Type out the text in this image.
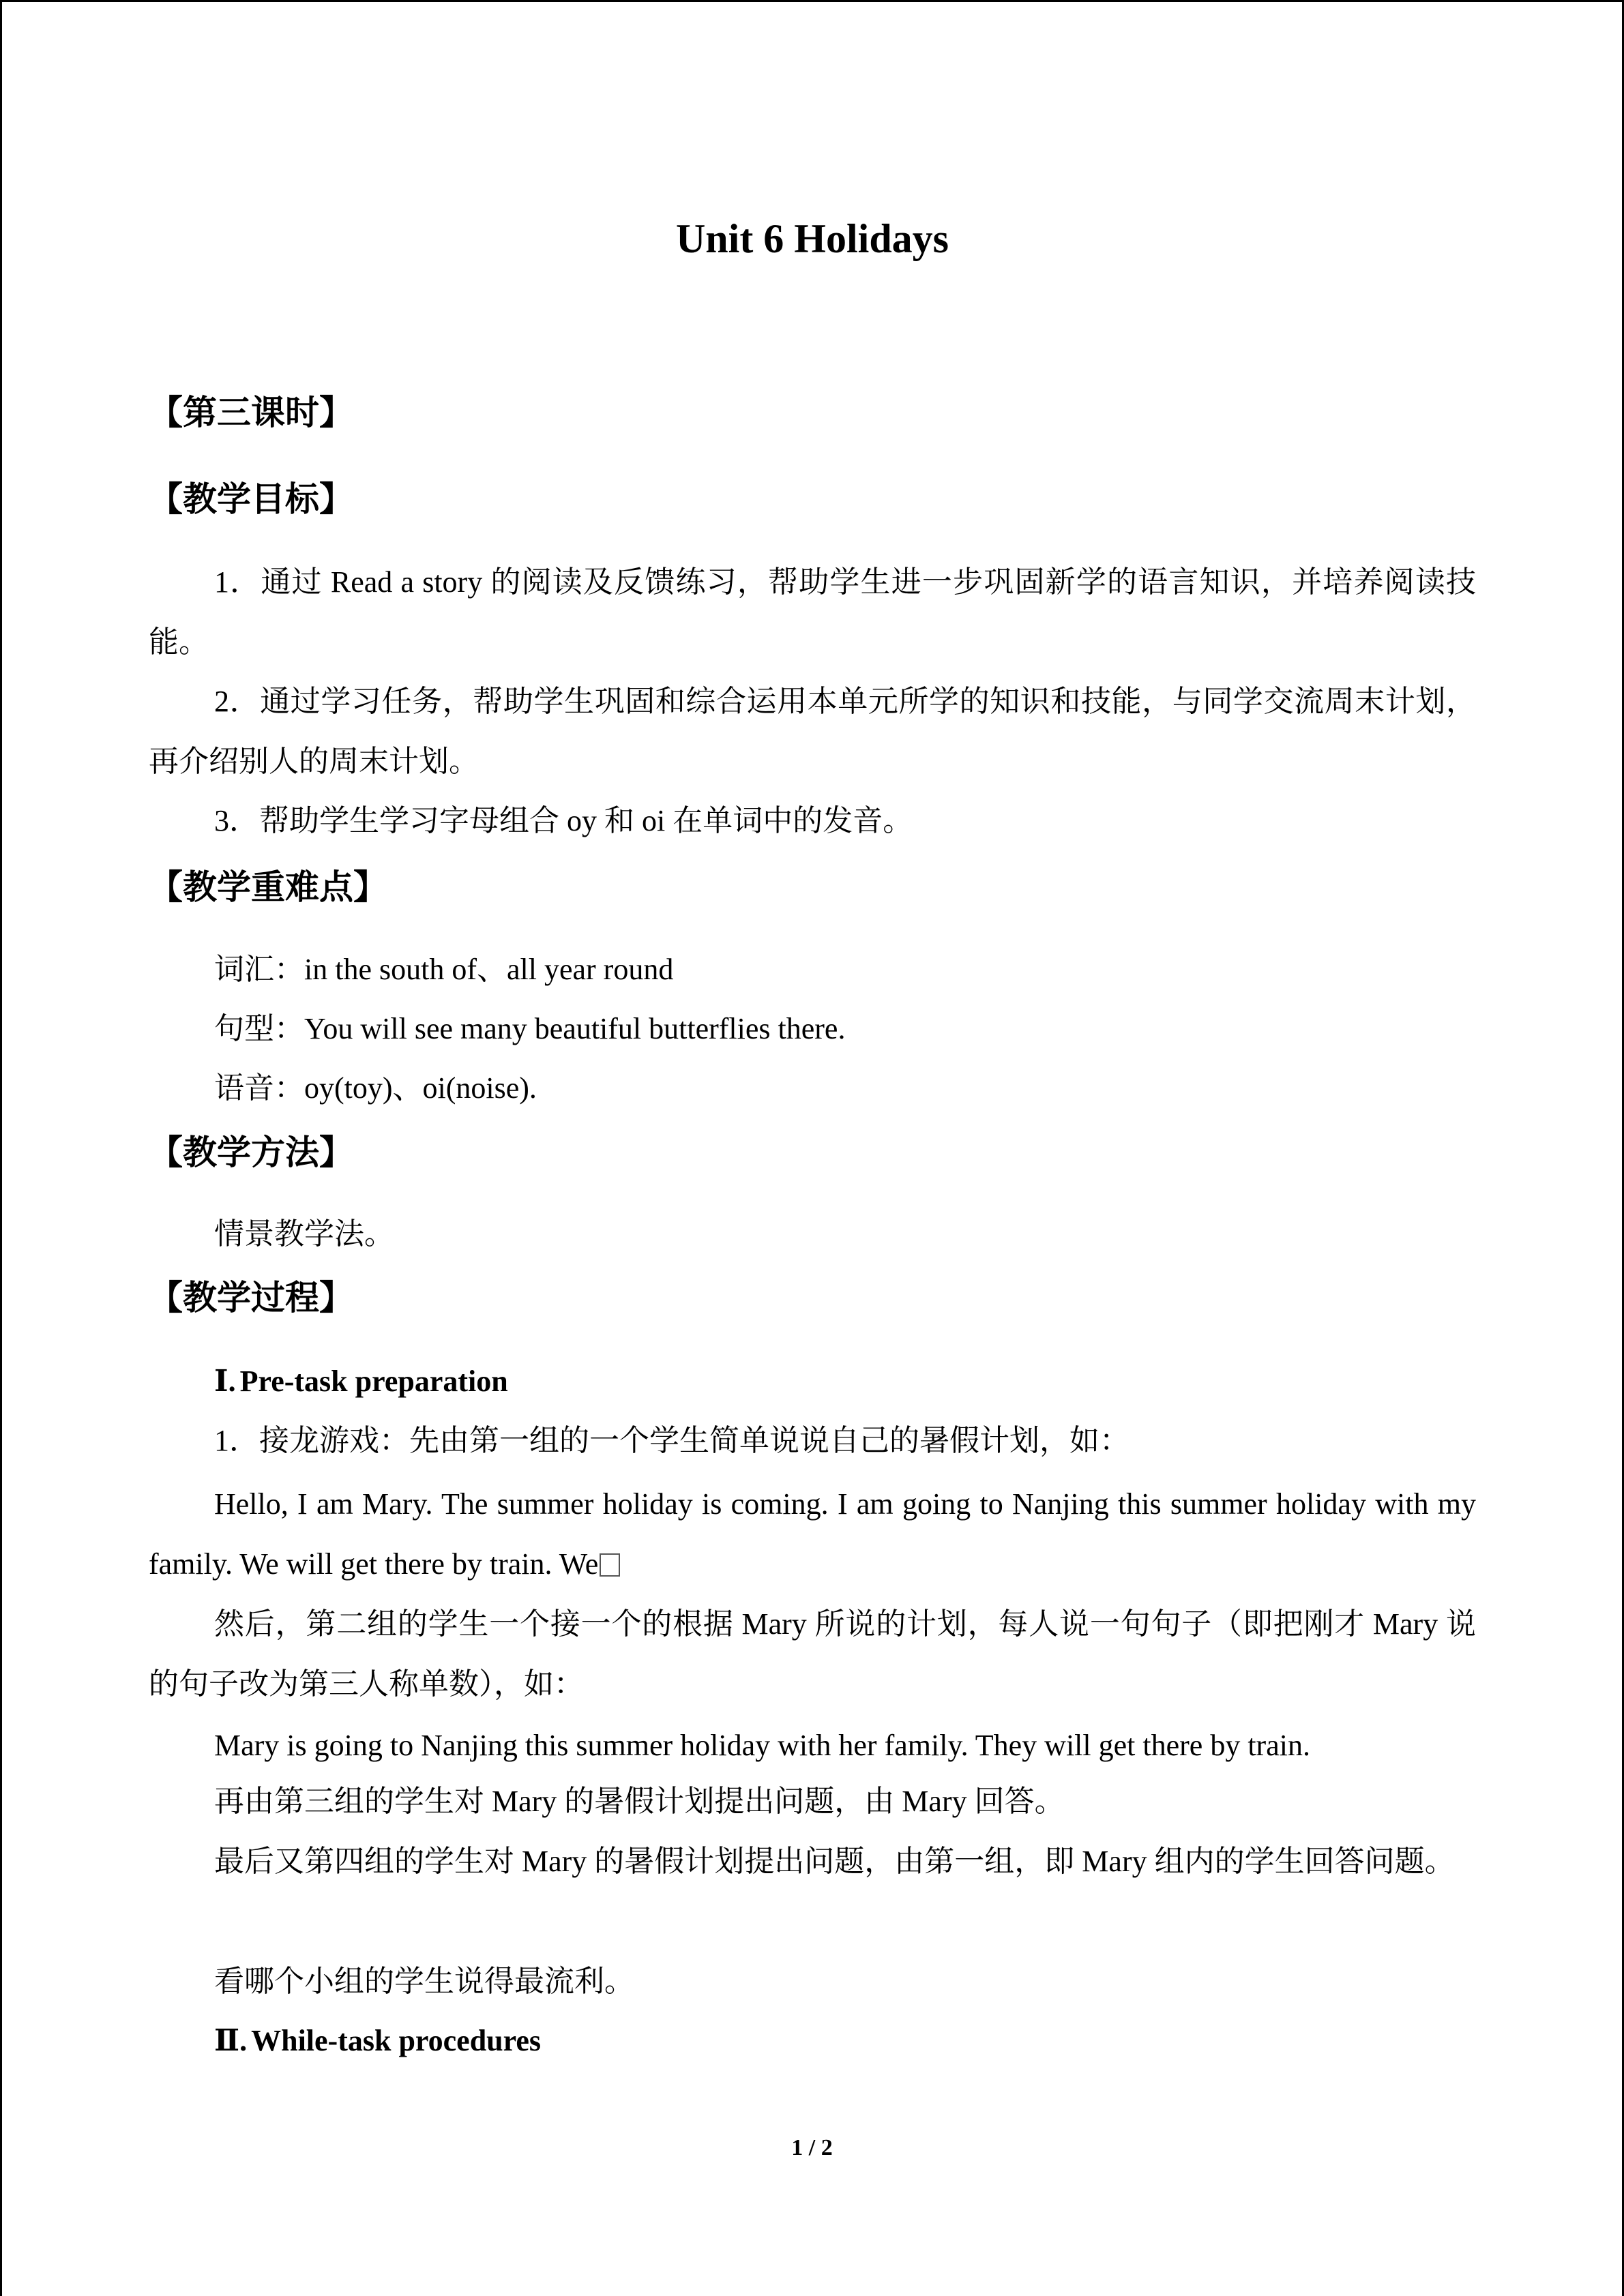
Unit 6 Holidays
【第三课时】
【教学目标】
1．通过 Read a story 的阅读及反馈练习，帮助学生进一步巩固新学的语言知识，并培养阅读技能。
2．通过学习任务，帮助学生巩固和综合运用本单元所学的知识和技能，与同学交流周末计划，再介绍别人的周末计划。
3．帮助学生学习字母组合 oy 和 oi 在单词中的发音。
【教学重难点】
词汇：in the south of、all year round
句型：You will see many beautiful butterflies there.
语音：oy(toy)、oi(noise).
【教学方法】
情景教学法。
【教学过程】
Ⅰ. Pre-task preparation
1．接龙游戏：先由第一组的一个学生简单说说自己的暑假计划，如：
Hello, I am Mary. The summer holiday is coming. I am going to Nanjing this summer holiday with my family. We will get there by train. We
然后，第二组的学生一个接一个的根据 Mary 所说的计划，每人说一句句子（即把刚才 Mary 说的句子改为第三人称单数），如：
Mary is going to Nanjing this summer holiday with her family. They will get there by train.
再由第三组的学生对 Mary 的暑假计划提出问题，由 Mary 回答。
最后又第四组的学生对 Mary 的暑假计划提出问题，由第一组，即 Mary 组内的学生回答问题。
看哪个小组的学生说得最流利。
Ⅱ. While-task procedures
1 / 2
